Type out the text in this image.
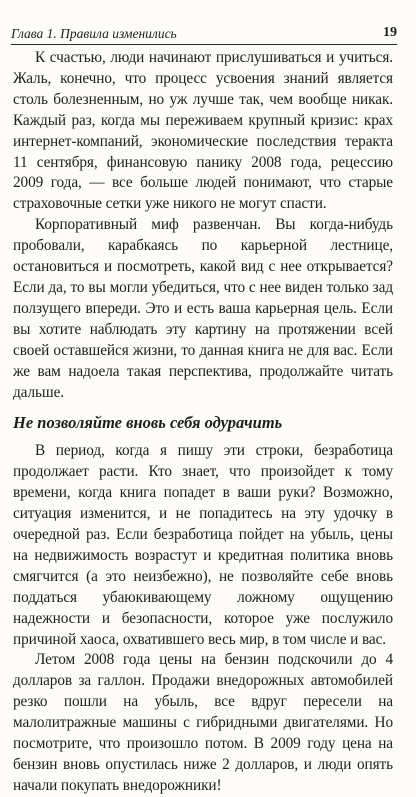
Глава 1. Правила изменились	19

К счастью, люди начинают прислушиваться и учиться. Жаль, конечно, что процесс усвоения знаний является столь болезненным, но уж лучше так, чем вообще никак. Каждый раз, когда мы переживаем крупный кризис: крах интернет-компаний, экономические последствия теракта 11 сентября, финансовую панику 2008 года, рецессию 2009 года, — все больше людей понимают, что старые страховочные сетки уже никого не могут спасти.

Корпоративный миф развенчан. Вы когда-нибудь пробовали, карабкаясь по карьерной лестнице, остановиться и посмотреть, какой вид с нее открывается? Если да, то вы могли убедиться, что с нее виден только зад ползущего впереди. Это и есть ваша карьерная цель. Если вы хотите наблюдать эту картину на протяжении всей своей оставшейся жизни, то данная книга не для вас. Если же вам надоела такая перспектива, продолжайте читать дальше.

Не позволяйте вновь себя одурачить

В период, когда я пишу эти строки, безработица продолжает расти. Кто знает, что произойдет к тому времени, когда книга попадет в ваши руки? Возможно, ситуация изменится, и не попадитесь на эту удочку в очередной раз. Если безработица пойдет на убыль, цены на недвижимость возрастут и кредитная политика вновь смягчится (а это неизбежно), не позволяйте себе вновь поддаться убаюкивающему ложному ощущению надежности и безопасности, которое уже послужило причиной хаоса, охватившего весь мир, в том числе и вас.

Летом 2008 года цены на бензин подскочили до 4 долларов за галлон. Продажи внедорожных автомобилей резко пошли на убыль, все вдруг пересели на малолитражные машины с гибридными двигателями. Но посмотрите, что произошло потом. В 2009 году цена на бензин вновь опустилась ниже 2 долларов, и люди опять начали покупать внедорожники!
